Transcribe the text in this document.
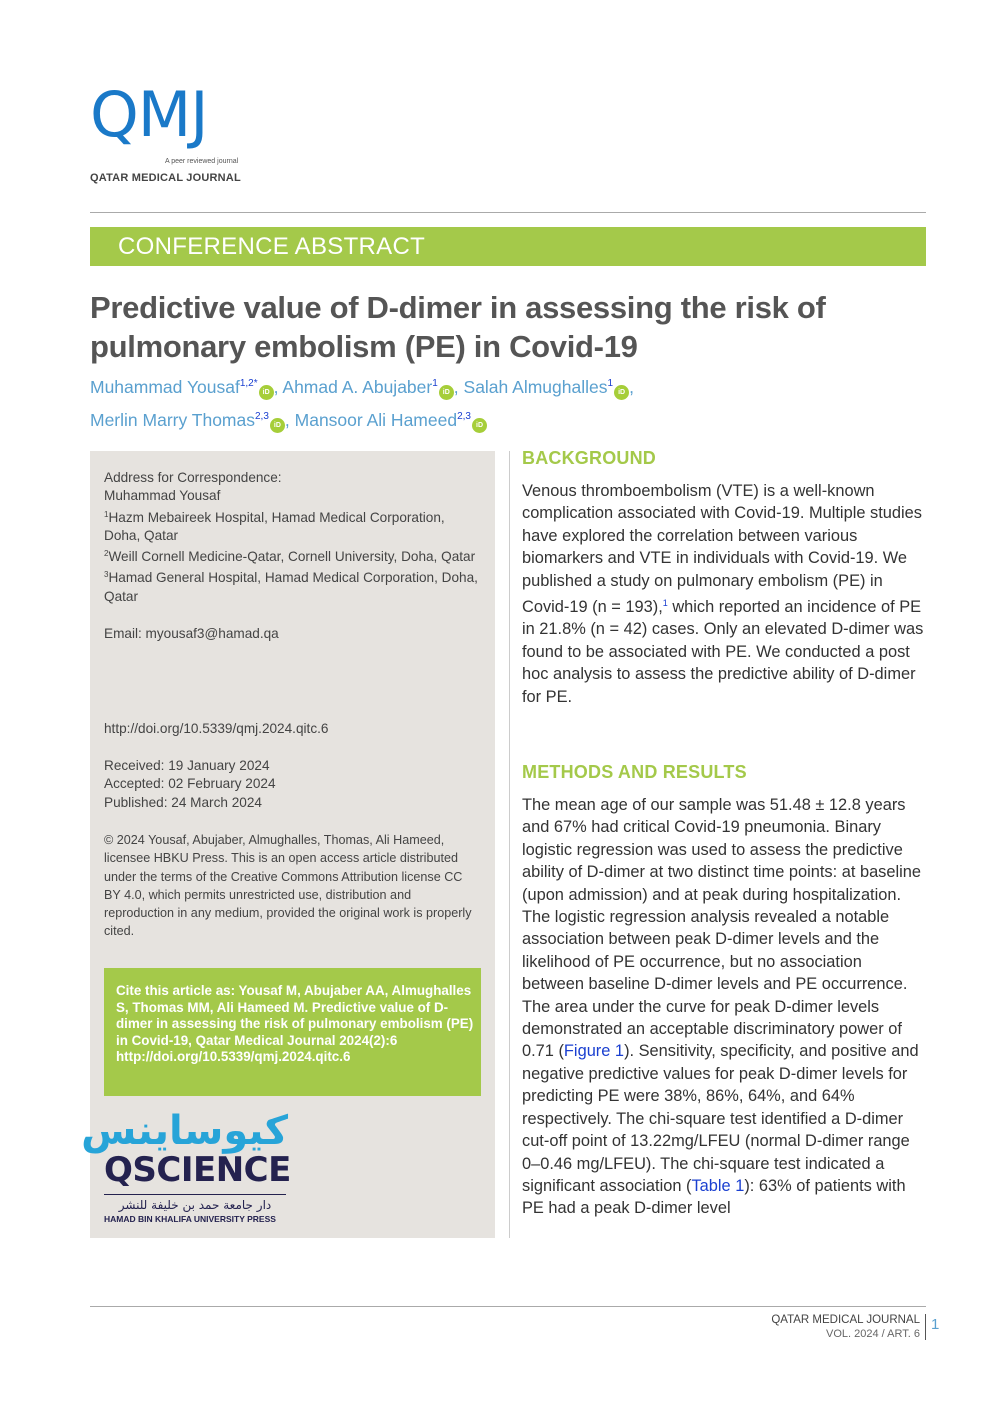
QMJ
A peer reviewed journal
QATAR MEDICAL JOURNAL
CONFERENCE ABSTRACT
Predictive value of D-dimer in assessing the risk of
pulmonary embolism (PE) in Covid-19
Muhammad Yousaf$^{1,2*}$iD , Ahmad A. Abujaber$^1$iD , Salah Almughalles$^1$iD ,
Merlin Marry Thomas$^{2,3}$iD , Mansoor Ali Hameed$^{2,3}$iD
Address for Correspondence:
Muhammad Yousaf
$^1$Hazm Mebaireek Hospital, Hamad Medical Corporation, Doha, Qatar
$^2$Weill Cornell Medicine-Qatar, Cornell University, Doha, Qatar
$^3$Hamad General Hospital, Hamad Medical Corporation, Doha, Qatar
Email: myousaf3@hamad.qa
http://doi.org/10.5339/qmj.2024.qitc.6
Received: 19 January 2024
Accepted: 02 February 2024
Published: 24 March 2024
© 2024 Yousaf, Abujaber, Almughalles, Thomas, Ali Hameed, licensee HBKU Press. This is an open access article distributed under the terms of the Creative Commons Attribution license CC BY 4.0, which permits unrestricted use, distribution and reproduction in any medium, provided the original work is properly cited.
Cite this article as: Yousaf M, Abujaber AA, Almughalles S, Thomas MM, Ali Hameed M. Predictive value of D-dimer in assessing the risk of pulmonary embolism (PE) in Covid-19, Qatar Medical Journal 2024(2):6 http://doi.org/10.5339/qmj.2024.qitc.6
كيوساينس
QSCIENCE
دار جامعة حمد بن خليفة للنشر
HAMAD BIN KHALIFA UNIVERSITY PRESS
BACKGROUND
Venous thromboembolism (VTE) is a well-known complication associated with Covid-19. Multiple studies have explored the correlation between various biomarkers and VTE in individuals with Covid-19. We published a study on pulmonary embolism (PE) in Covid-19 (n = 193),$^1$ which reported an incidence of PE in 21.8% (n = 42) cases. Only an elevated D-dimer was found to be associated with PE. We conducted a post hoc analysis to assess the predictive ability of D-dimer for PE.
METHODS AND RESULTS
The mean age of our sample was 51.48 ± 12.8 years and 67% had critical Covid-19 pneumonia. Binary logistic regression was used to assess the predictive ability of D-dimer at two distinct time points: at baseline (upon admission) and at peak during hospitalization. The logistic regression analysis revealed a notable association between peak D-dimer levels and the likelihood of PE occurrence, but no association between baseline D-dimer levels and PE occurrence. The area under the curve for peak D-dimer levels demonstrated an acceptable discriminatory power of 0.71 (Figure 1). Sensitivity, specificity, and positive and negative predictive values for peak D-dimer levels for predicting PE were 38%, 86%, 64%, and 64% respectively. The chi-square test identified a D-dimer cut-off point of 13.22mg/LFEU (normal D-dimer range 0–0.46 mg/LFEU). The chi-square test indicated a significant association (Table 1): 63% of patients with PE had a peak D-dimer level
QATAR MEDICAL JOURNAL
VOL. 2024 / ART. 6
1
